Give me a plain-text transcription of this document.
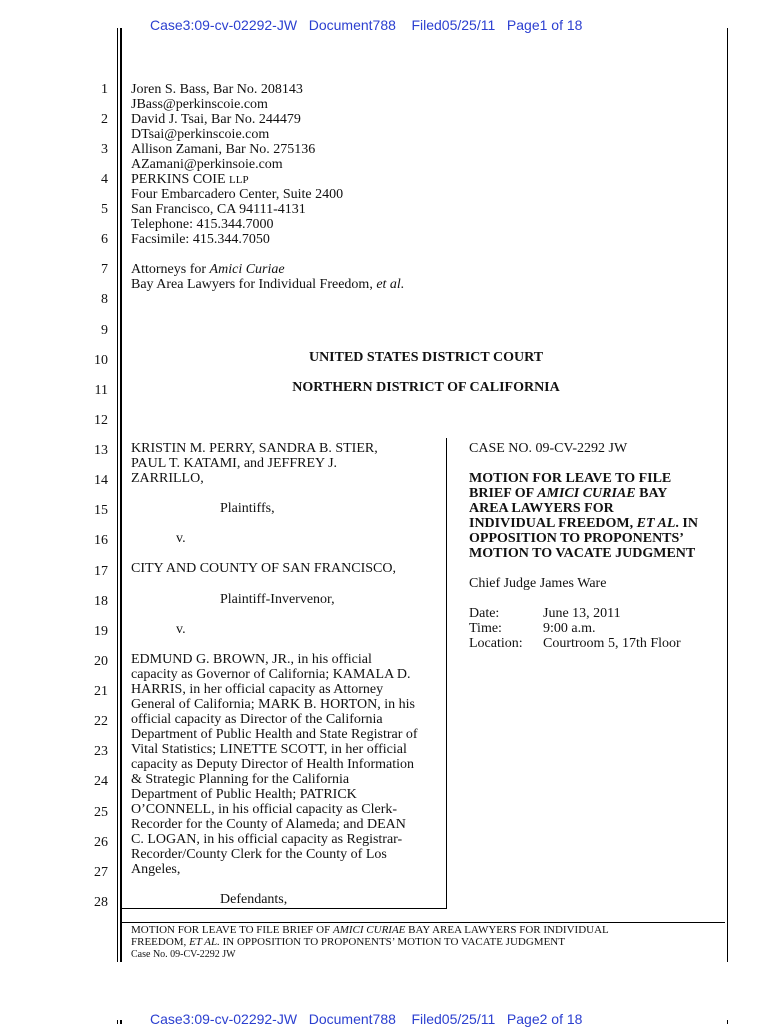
Case3:09-cv-02292-JW   Document788    Filed05/25/11   Page1 of 18
1
2
3
4
5
6
7
8
9
10
11
12
13
14
15
16
17
18
19
20
21
22
23
24
25
26
27
28
Joren S. Bass, Bar No. 208143
JBass@perkinscoie.com
David J. Tsai, Bar No. 244479
DTsai@perkinscoie.com
Allison Zamani, Bar No. 275136
AZamani@perkinsoie.com
PERKINS COIE LLP
Four Embarcadero Center, Suite 2400
San Francisco, CA 94111-4131
Telephone: 415.344.7000
Facsimile: 415.344.7050
Attorneys for Amici Curiae
Bay Area Lawyers for Individual Freedom, et al.
UNITED STATES DISTRICT COURT
NORTHERN DISTRICT OF CALIFORNIA
KRISTIN M. PERRY, SANDRA B. STIER,
PAUL T. KATAMI, and JEFFREY J.
ZARRILLO,
Plaintiffs,
v.
CITY AND COUNTY OF SAN FRANCISCO,
Plaintiff-Invervenor,
v.
EDMUND G. BROWN, JR., in his official
capacity as Governor of California; KAMALA D.
HARRIS, in her official capacity as Attorney
General of California; MARK B. HORTON, in his
official capacity as Director of the California
Department of Public Health and State Registrar of
Vital Statistics; LINETTE SCOTT, in her official
capacity as Deputy Director of Health Information
& Strategic Planning for the California
Department of Public Health; PATRICK
O’CONNELL, in his official capacity as Clerk-
Recorder for the County of Alameda; and DEAN
C. LOGAN, in his official capacity as Registrar-
Recorder/County Clerk for the County of Los
Angeles,
Defendants,
CASE NO. 09-CV-2292 JW
MOTION FOR LEAVE TO FILE
BRIEF OF AMICI CURIAE BAY
AREA LAWYERS FOR
INDIVIDUAL FREEDOM, ET AL. IN
OPPOSITION TO PROPONENTS’
MOTION TO VACATE JUDGMENT
Chief Judge James Ware
Date:	June 13, 2011
Time:	9:00 a.m.
Location: Courtroom 5, 17th Floor
MOTION FOR LEAVE TO FILE BRIEF OF AMICI CURIAE BAY AREA LAWYERS FOR INDIVIDUAL
FREEDOM, ET AL. IN OPPOSITION TO PROPONENTS’ MOTION TO VACATE JUDGMENT
Case No. 09-CV-2292 JW
Case3:09-cv-02292-JW   Document788    Filed05/25/11   Page2 of 18
